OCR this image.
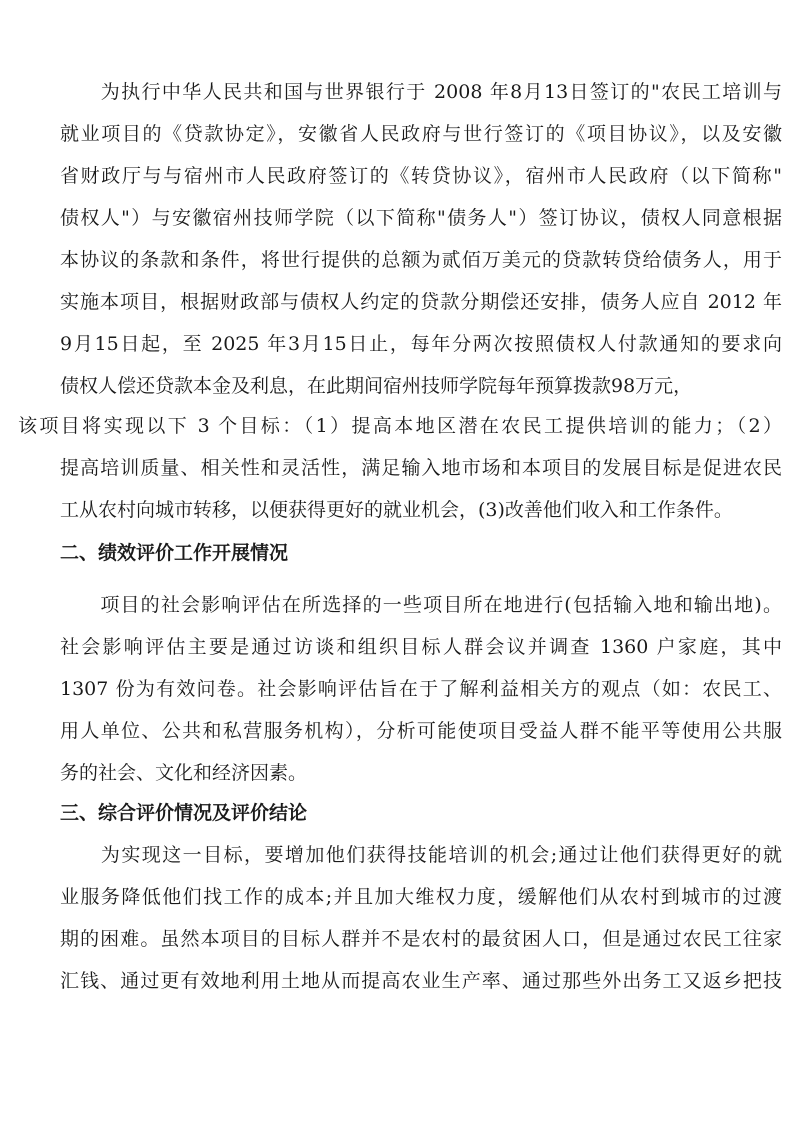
　　为执行中华人民共和国与世界银行于 2008 年8月13日签订的"农民工培训与
就业项目的《贷款协定》，安徽省人民政府与世行签订的《项目协议》，以及安徽
省财政厅与与宿州市人民政府签订的《转贷协议》，宿州市人民政府（以下简称"
债权人"）与安徽宿州技师学院（以下简称"债务人"）签订协议，债权人同意根据
本协议的条款和条件，将世行提供的总额为贰佰万美元的贷款转贷给债务人，用于
实施本项目，根据财政部与债权人约定的贷款分期偿还安排，债务人应自 2012 年
9月15日起，至 2025 年3月15日止，每年分两次按照债权人付款通知的要求向
债权人偿还贷款本金及利息，在此期间宿州技师学院每年预算拨款98万元，
该项目将实现以下 3 个目标：（1）提高本地区潜在农民工提供培训的能力；（2）
提高培训质量、相关性和灵活性，满足输入地市场和本项目的发展目标是促进农民
工从农村向城市转移，以便获得更好的就业机会，(3)改善他们收入和工作条件。
二、绩效评价工作开展情况
　　项目的社会影响评估在所选择的一些项目所在地进行(包括输入地和输出地)。
社会影响评估主要是通过访谈和组织目标人群会议并调查 1360 户家庭，其中
1307 份为有效问卷。社会影响评估旨在于了解利益相关方的观点（如：农民工、
用人单位、公共和私营服务机构），分析可能使项目受益人群不能平等使用公共服
务的社会、文化和经济因素。
三、综合评价情况及评价结论
　　为实现这一目标，要增加他们获得技能培训的机会;通过让他们获得更好的就
业服务降低他们找工作的成本;并且加大维权力度，缓解他们从农村到城市的过渡
期的困难。虽然本项目的目标人群并不是农村的最贫困人口，但是通过农民工往家
汇钱、通过更有效地利用土地从而提高农业生产率、通过那些外出务工又返乡把技
